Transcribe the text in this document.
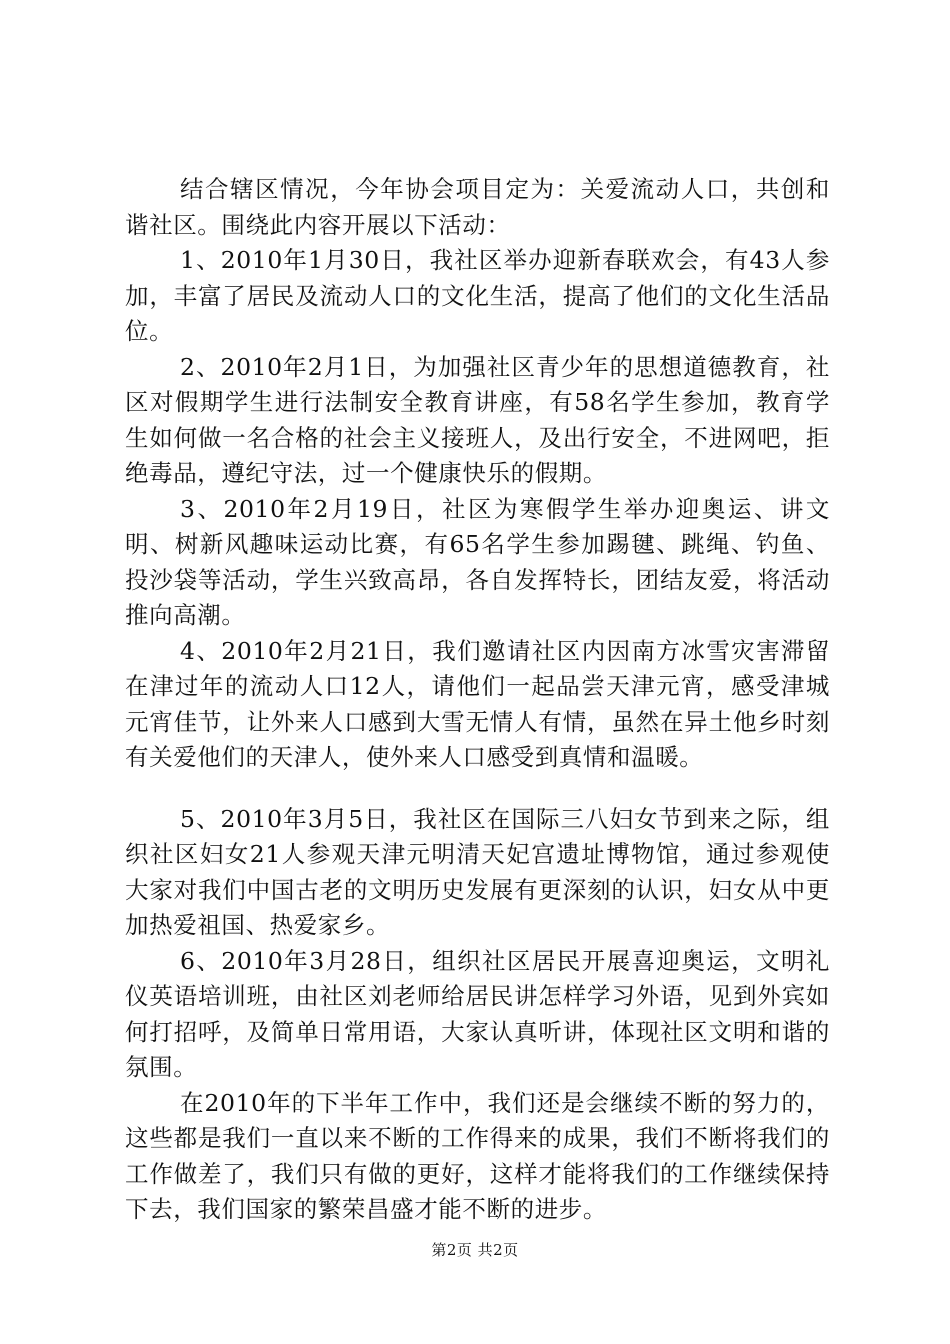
结合辖区情况，今年协会项目定为：关爱流动人口，共创和谐社区。围绕此内容开展以下活动：

1、2010年1月30日，我社区举办迎新春联欢会，有43人参加，丰富了居民及流动人口的文化生活，提高了他们的文化生活品位。

2、2010年2月1日，为加强社区青少年的思想道德教育，社区对假期学生进行法制安全教育讲座，有58名学生参加，教育学生如何做一名合格的社会主义接班人，及出行安全，不进网吧，拒绝毒品，遵纪守法，过一个健康快乐的假期。

3、2010年2月19日，社区为寒假学生举办迎奥运、讲文明、树新风趣味运动比赛，有65名学生参加踢毽、跳绳、钓鱼、投沙袋等活动，学生兴致高昂，各自发挥特长，团结友爱，将活动推向高潮。

4、2010年2月21日，我们邀请社区内因南方冰雪灾害滞留在津过年的流动人口12人，请他们一起品尝天津元宵，感受津城元宵佳节，让外来人口感到大雪无情人有情，虽然在异土他乡时刻有关爱他们的天津人，使外来人口感受到真情和温暖。

5、2010年3月5日，我社区在国际三八妇女节到来之际，组织社区妇女21人参观天津元明清天妃宫遗址博物馆，通过参观使大家对我们中国古老的文明历史发展有更深刻的认识，妇女从中更加热爱祖国、热爱家乡。

6、2010年3月28日，组织社区居民开展喜迎奥运，文明礼仪英语培训班，由社区刘老师给居民讲怎样学习外语，见到外宾如何打招呼，及简单日常用语，大家认真听讲，体现社区文明和谐的氛围。

在2010年的下半年工作中，我们还是会继续不断的努力的，这些都是我们一直以来不断的工作得来的成果，我们不断将我们的工作做差了，我们只有做的更好，这样才能将我们的工作继续保持下去，我们国家的繁荣昌盛才能不断的进步。

第2页 共2页
